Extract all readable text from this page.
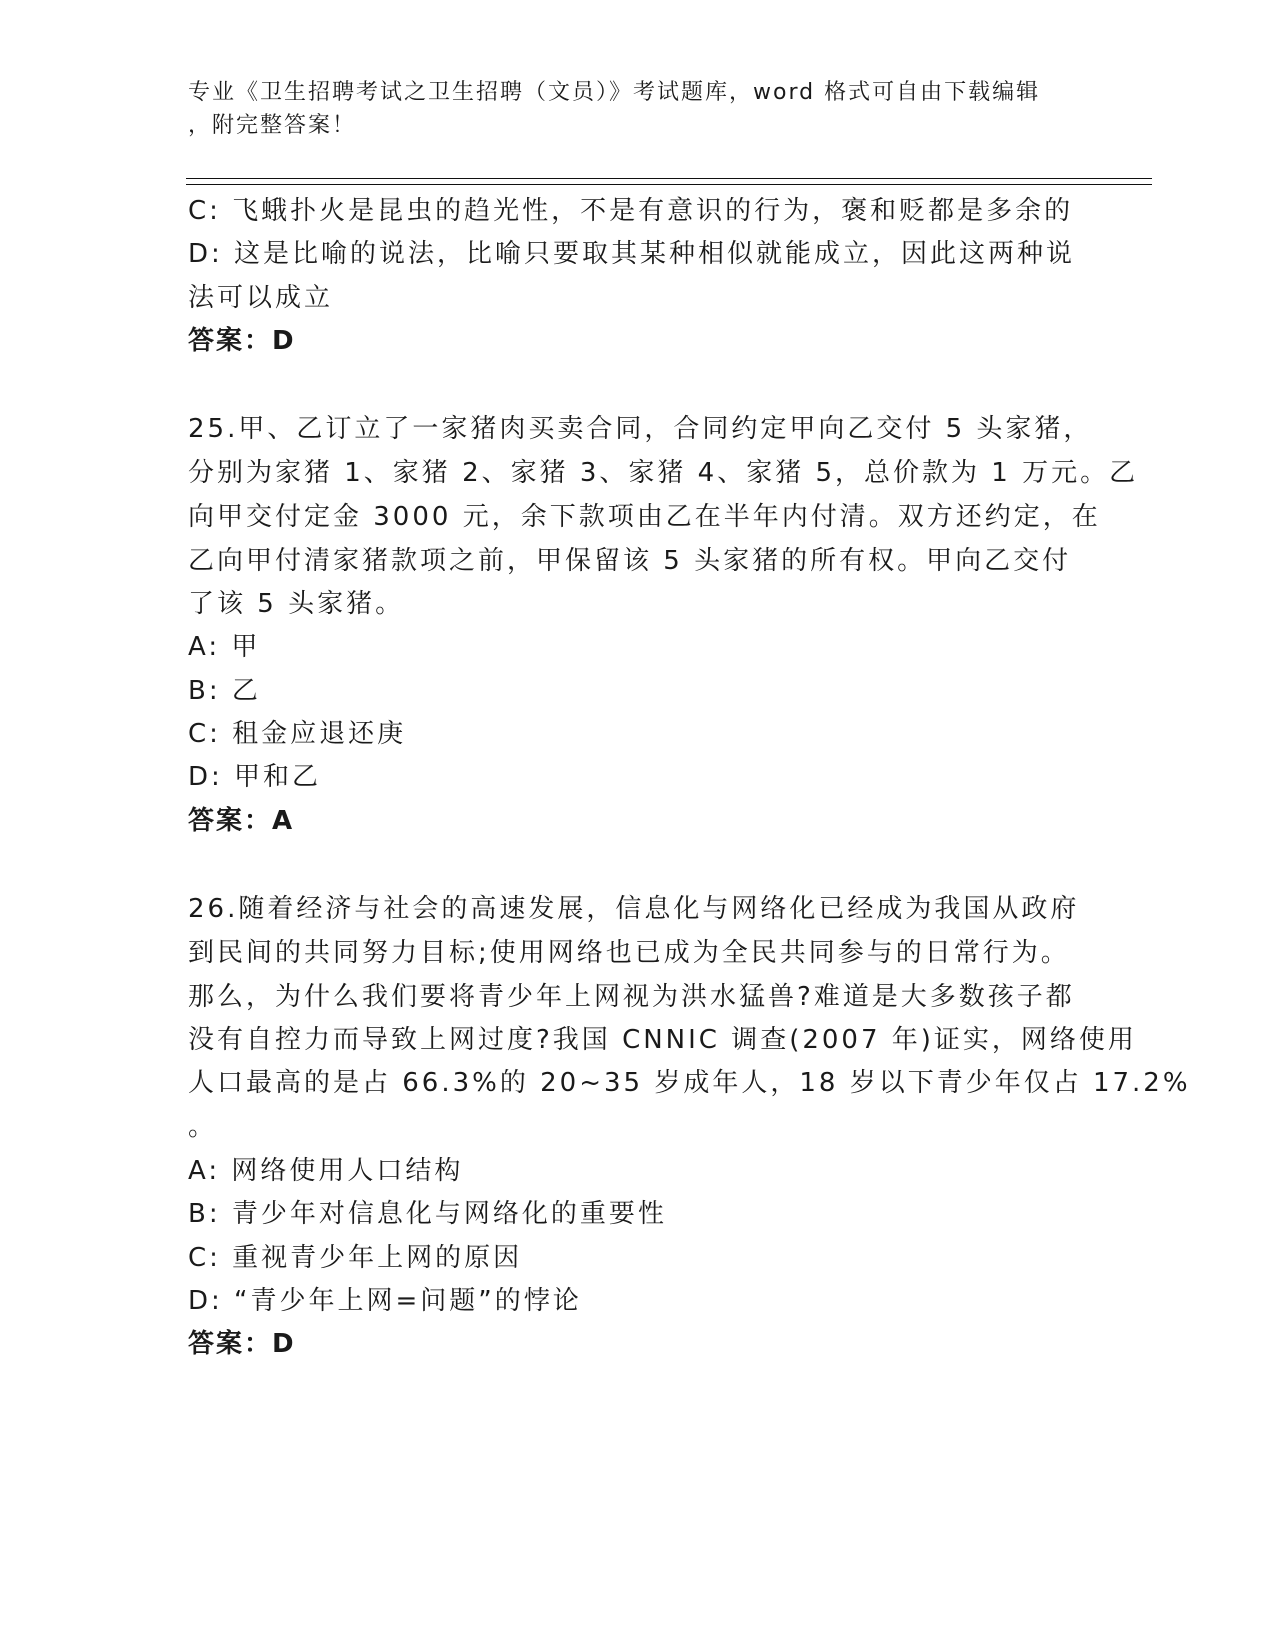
专业《卫生招聘考试之卫生招聘（文员）》考试题库，word 格式可自由下载编辑
，附完整答案！
C: 飞蛾扑火是昆虫的趋光性，不是有意识的行为，褒和贬都是多余的
D: 这是比喻的说法，比喻只要取其某种相似就能成立，因此这两种说
法可以成立
答案：D
25.甲、乙订立了一家猪肉买卖合同，合同约定甲向乙交付 5 头家猪，
分别为家猪 1、家猪 2、家猪 3、家猪 4、家猪 5，总价款为 1 万元。乙
向甲交付定金 3000 元，余下款项由乙在半年内付清。双方还约定，在
乙向甲付清家猪款项之前，甲保留该 5 头家猪的所有权。甲向乙交付
了该 5 头家猪。
A: 甲
B: 乙
C: 租金应退还庚
D: 甲和乙
答案：A
26.随着经济与社会的高速发展，信息化与网络化已经成为我国从政府
到民间的共同努力目标;使用网络也已成为全民共同参与的日常行为。
那么，为什么我们要将青少年上网视为洪水猛兽?难道是大多数孩子都
没有自控力而导致上网过度?我国 CNNIC 调查(2007 年)证实，网络使用
人口最高的是占 66.3%的 20~35 岁成年人，18 岁以下青少年仅占 17.2%
。
A: 网络使用人口结构
B: 青少年对信息化与网络化的重要性
C: 重视青少年上网的原因
D: “青少年上网=问题”的悖论
答案：D
